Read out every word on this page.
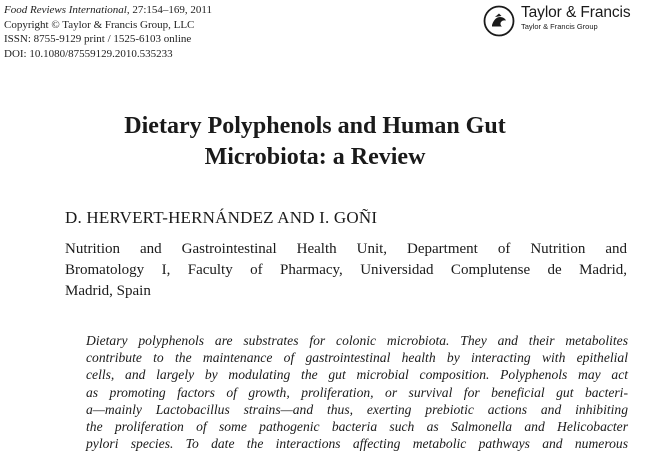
Food Reviews International, 27:154–169, 2011
Copyright © Taylor & Francis Group, LLC
ISSN: 8755-9129 print / 1525-6103 online
DOI: 10.1080/87559129.2010.535233
Taylor & Francis
Taylor & Francis Group
Dietary Polyphenols and Human Gut
Microbiota: a Review
D. HERVERT-HERNÁNDEZ AND I. GOÑI
Nutrition and Gastrointestinal Health Unit, Department of Nutrition and
Bromatology I, Faculty of Pharmacy, Universidad Complutense de Madrid,
Madrid, Spain
Dietary polyphenols are substrates for colonic microbiota. They and their metabolites
contribute to the maintenance of gastrointestinal health by interacting with epithelial
cells, and largely by modulating the gut microbial composition. Polyphenols may act
as promoting factors of growth, proliferation, or survival for beneficial gut bacteri-
a—mainly Lactobacillus strains—and thus, exerting prebiotic actions and inhibiting
the proliferation of some pathogenic bacteria such as Salmonella and Helicobacter
pylori species. To date the interactions affecting metabolic pathways and numerous
